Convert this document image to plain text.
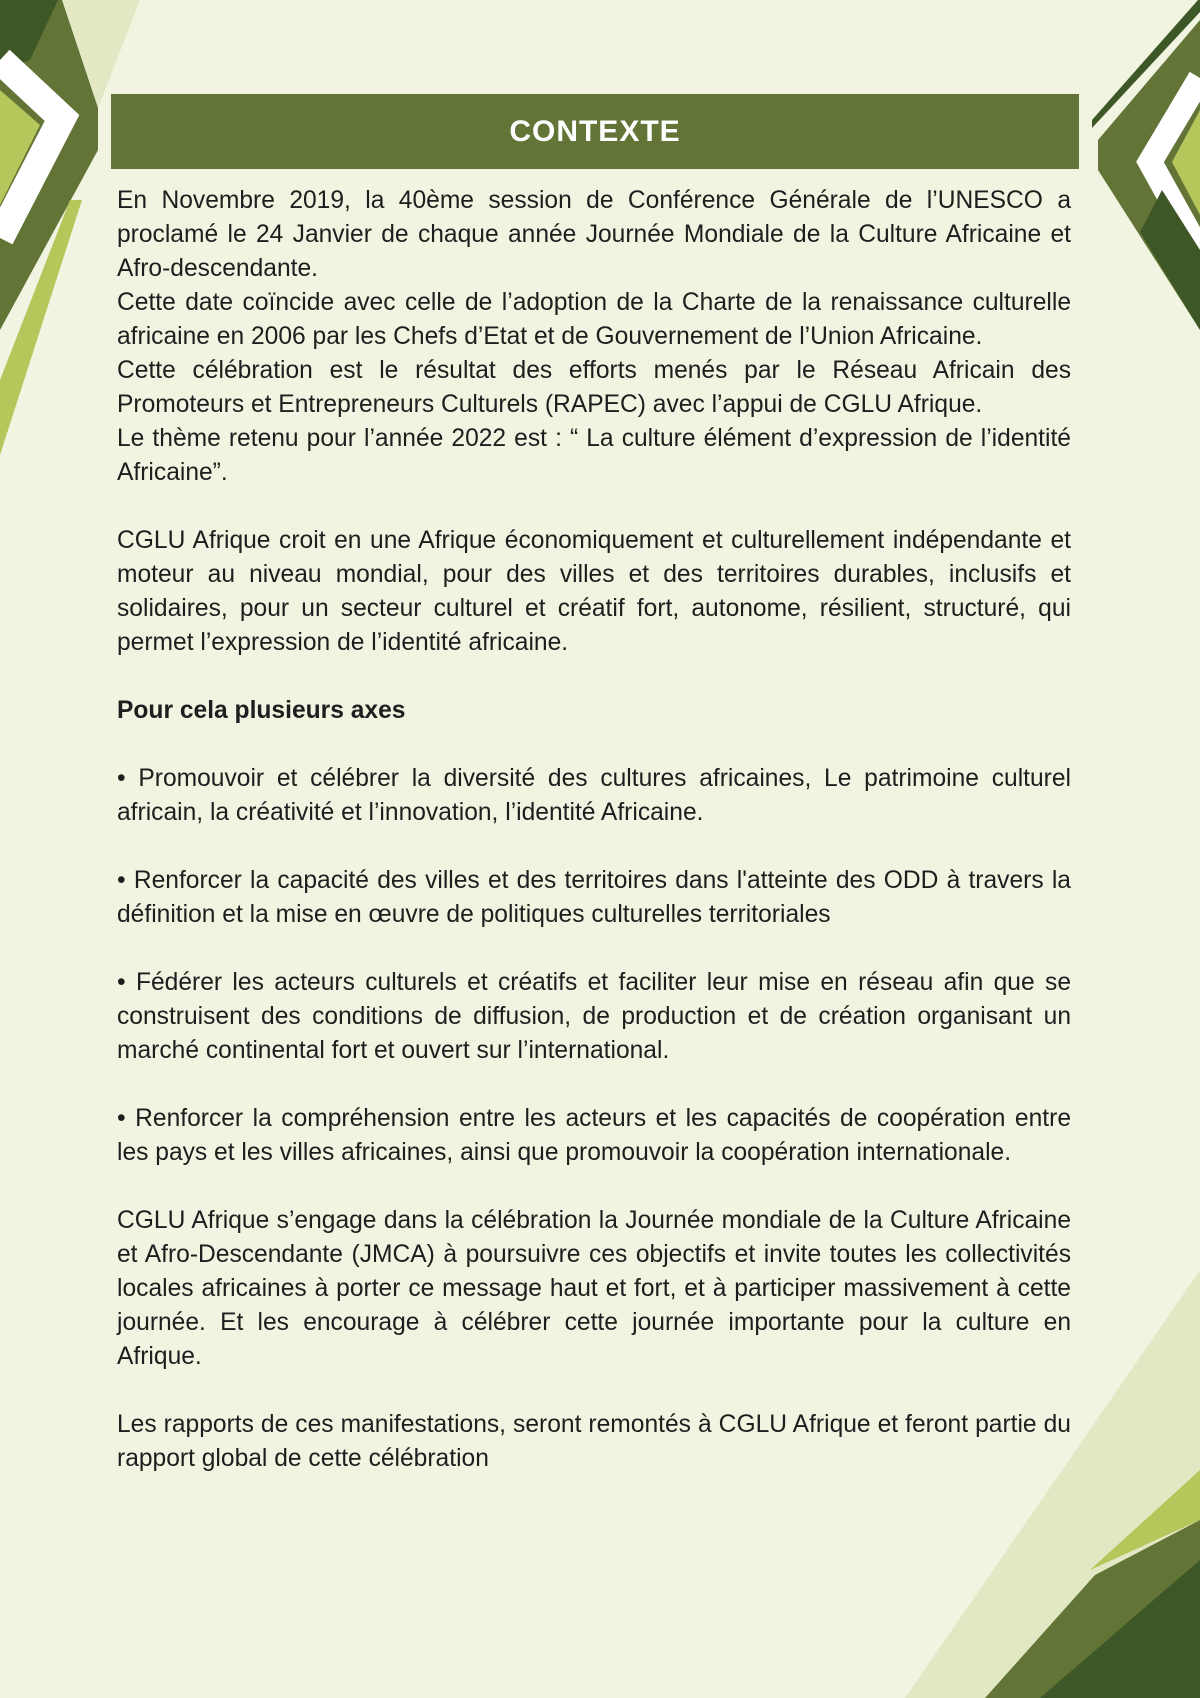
CONTEXTE

En Novembre 2019, la 40ème session de Conférence Générale de l’UNESCO a proclamé le 24 Janvier de chaque année Journée Mondiale de la Culture Africaine et Afro-descendante.

Cette date coïncide avec celle de l’adoption de la Charte de la renaissance culturelle africaine en 2006 par les Chefs d’Etat et de Gouvernement de l’Union Africaine.

Cette célébration est le résultat des efforts menés par le Réseau Africain des Promoteurs et Entrepreneurs Culturels (RAPEC) avec l’appui de CGLU Afrique.

Le thème retenu pour l’année 2022 est : “ La culture élément d’expression de l’identité Africaine”.

CGLU Afrique croit en une Afrique économiquement et culturellement indépendante et moteur au niveau mondial, pour des villes et des territoires durables, inclusifs et solidaires, pour un secteur culturel et créatif fort, autonome, résilient, structuré, qui permet l’expression de l’identité africaine.

Pour cela plusieurs axes

• Promouvoir et célébrer la diversité des cultures africaines, Le patrimoine culturel africain, la créativité et l’innovation, l’identité Africaine.

• Renforcer la capacité des villes et des territoires dans l'atteinte des ODD à travers la définition et la mise en œuvre de politiques culturelles territoriales

• Fédérer les acteurs culturels et créatifs et faciliter leur mise en réseau afin que se construisent des conditions de diffusion, de production et de création organisant un marché continental fort et ouvert sur l’international.

• Renforcer la compréhension entre les acteurs et les capacités de coopération entre les pays et les villes africaines, ainsi que promouvoir la coopération internationale.

CGLU Afrique s’engage dans la célébration la Journée mondiale de la Culture Africaine et Afro-Descendante (JMCA) à poursuivre ces objectifs et invite toutes les collectivités locales africaines à porter ce message haut et fort, et à participer massivement à cette journée. Et les encourage à célébrer cette journée importante pour la culture en Afrique.

Les rapports de ces manifestations, seront remontés à CGLU Afrique et feront partie du rapport global de cette célébration
